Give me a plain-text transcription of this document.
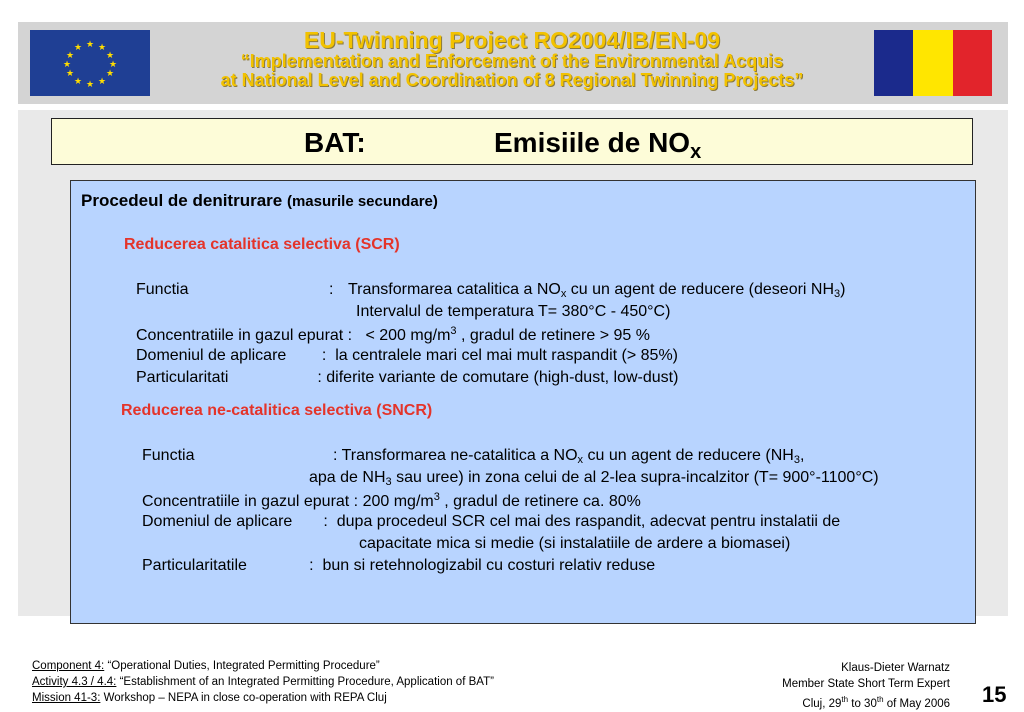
★ ★
★
★
★
★
★
★
★
★
★
★	EU-Twinning Project RO2004/IB/EN-09
“Implementation and Enforcement of the Environmental Acquis
at National Level and Coordination of 8 Regional Twinning Projects”
BAT:	Emisiile de $NO_x$
Procedeul de denitrurare (masurile secundare)
Reducerea catalitica selectiva (SCR)
Functia	: Transformarea catalitica a $NO_x$ cu un agent de reducere (deseori $NH_3$)
Intervalul de temperatura T= 380°C - 450°C)
Concentratiile in gazul epurat :   < 200 $mg/m^3$ , gradul de retinere > 95 %
Domeniul de aplicare        :  la centralele mari cel mai mult raspandit (> 85%)
Particularitati                    : diferite variante de comutare (high-dust, low-dust)
Reducerea ne-catalitica selectiva (SNCR)
Functia	: Transformarea ne-catalitica a $NO_x$ cu un agent de reducere ($NH_3$,
apa de $NH_3$ sau uree) in zona celui de al 2-lea supra-incalzitor (T= 900°-1100°C)
Concentratiile in gazul epurat : 200 $mg/m^3$ , gradul de retinere ca. 80%
Domeniul de aplicare       :  dupa procedeul SCR cel mai des raspandit, adecvat pentru instalatii de
capacitate mica si medie (si instalatiile de ardere a biomasei)
Particularitatile              :  bun si retehnologizabil cu costuri relativ reduse
Component 4: “Operational Duties, Integrated Permitting Procedure”
Activity 4.3 / 4.4: “Establishment of an Integrated Permitting Procedure, Application of BAT”
Mission 41-3: Workshop – NEPA in close co-operation with REPA Cluj
Klaus-Dieter Warnatz
Member State Short Term Expert
Cluj, 29th to 30th of May 2006 15
